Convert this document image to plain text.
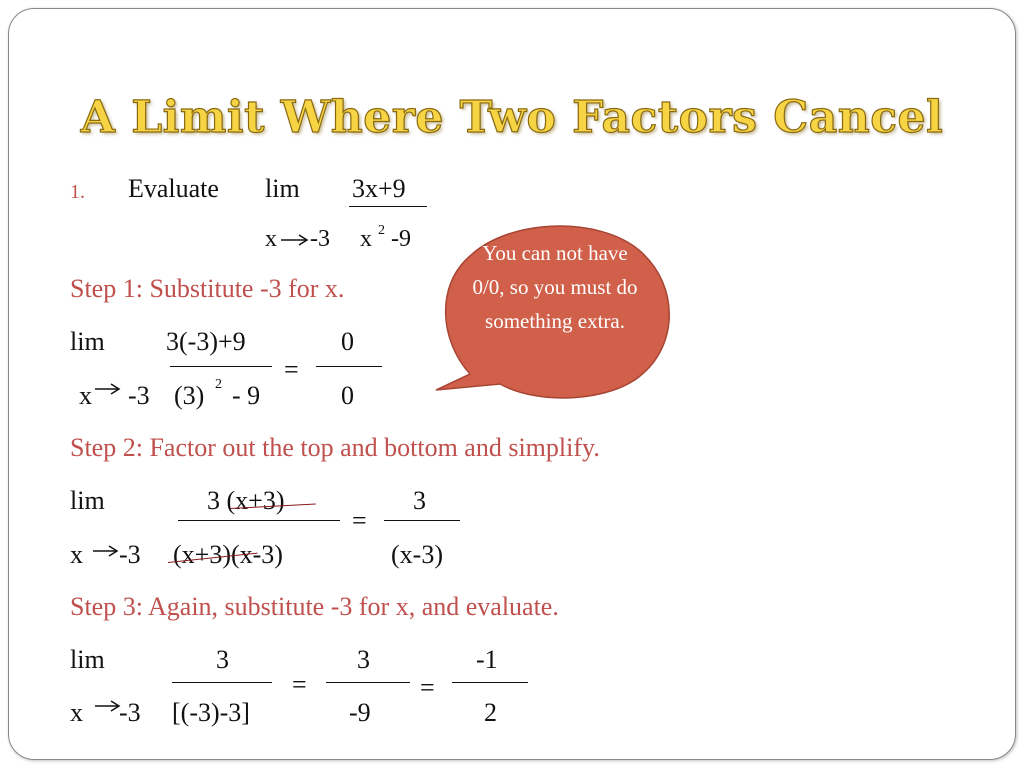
A Limit Where Two Factors Cancel
1. Evaluate lim 3x+9
x -3 x 2 -9
You can not have 0/0, so you must do something extra.
Step 1: Substitute -3 for x.
lim 3(-3)+9
=
0
x -3 (3) 2 - 9	0
Step 2: Factor out the top and bottom and simplify.
lim	3 (x+3)
=
3
x -3 (x+3)(x-3)	(x-3)
Step 3: Again, substitute -3 for x, and evaluate.
lim	3
=
3
=
-1
x -3 [(-3)-3]	-9	2
